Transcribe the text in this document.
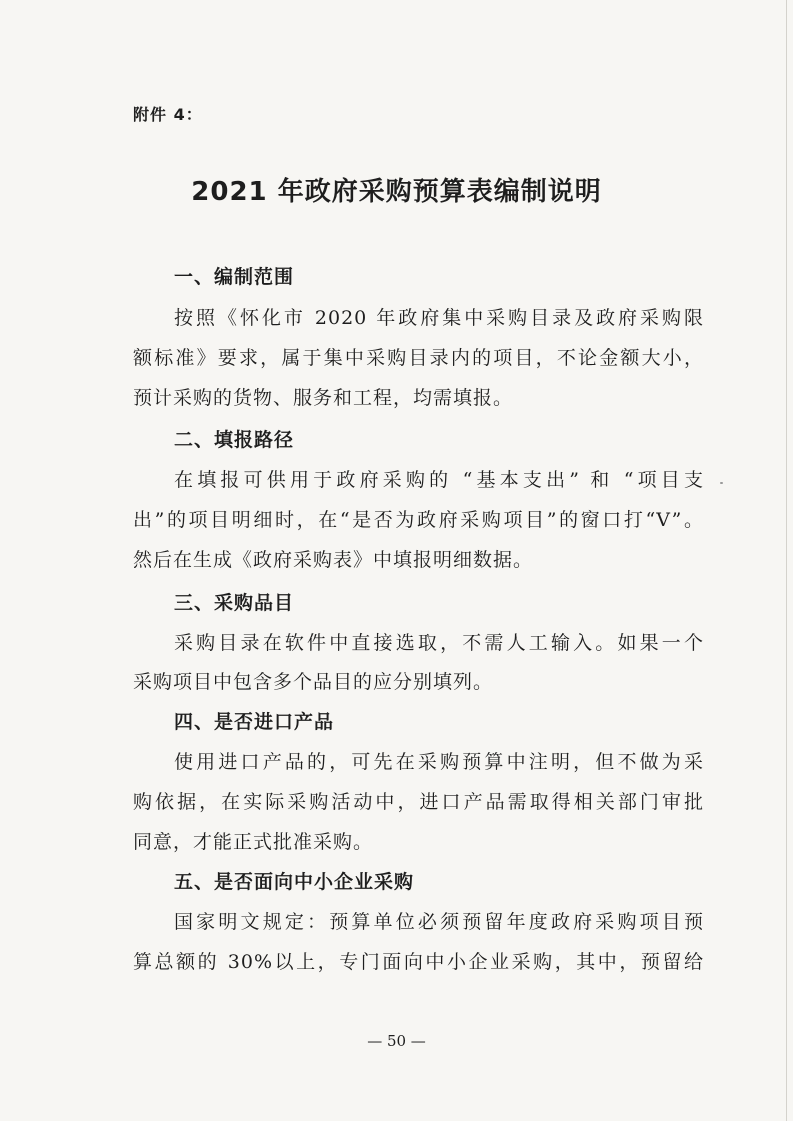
附件 4：
2021 年政府采购预算表编制说明
一、编制范围
按照《怀化市 2020 年政府集中采购目录及政府采购限
额标准》要求，属于集中采购目录内的项目，不论金额大小，
预计采购的货物、服务和工程，均需填报。
二、填报路径
在填报可供用于政府采购的 “基本支出” 和 “项目支
出”的项目明细时，在“是否为政府采购项目”的窗口打“V”。
然后在生成《政府采购表》中填报明细数据。
三、采购品目
采购目录在软件中直接选取，不需人工输入。如果一个
采购项目中包含多个品目的应分别填列。
四、是否进口产品
使用进口产品的，可先在采购预算中注明，但不做为采
购依据，在实际采购活动中，进口产品需取得相关部门审批
同意，才能正式批准采购。
五、是否面向中小企业采购
国家明文规定：预算单位必须预留年度政府采购项目预
算总额的 30%以上，专门面向中小企业采购，其中，预留给
— 50 —
